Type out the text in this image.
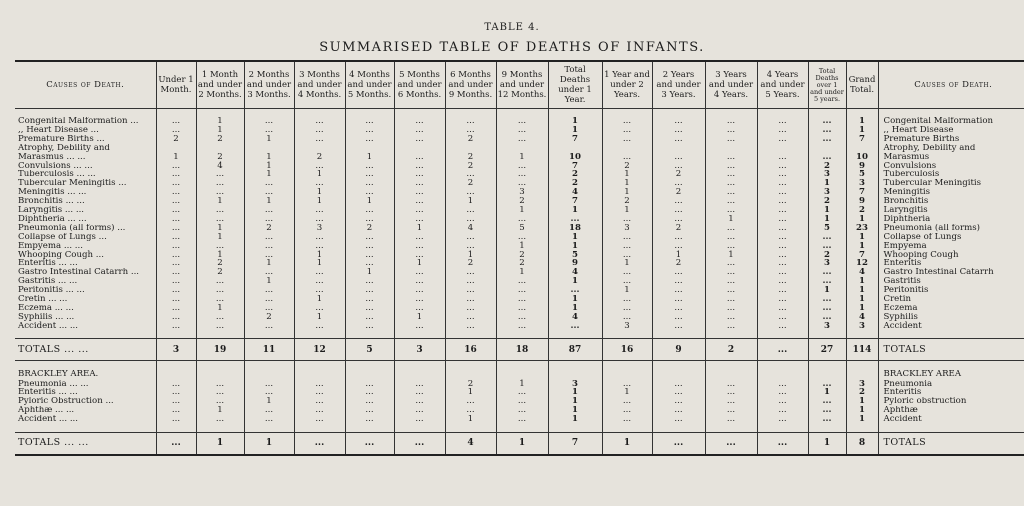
TABLE 4.
SUMMARISED TABLE OF DEATHS OF INFANTS.
Causes of Death.	Under 1 Month.	1 Month and under 2 Months.	2 Months and under 3 Months.	3 Months and under 4 Months.	4 Months and under 5 Months.	5 Months and under 6 Months.	6 Months and under 9 Months.	9 Months and under 12 Months.	Total Deaths under 1 Year.	1 Year and under 2 Years.	2 Years and under 3 Years.	3 Years and under 4 Years.	4 Years and under 5 Years.	Total Deaths over 1 and under 5 years.	Grand Total.	Causes of Death.

Congenital Malformation ...	...	1	...	...	...	...	...	...	1	...	...	...	...	...	1	Congenital Malformation
,, Heart Disease ...	...	1	...	...	...	...	...	...	1	...	...	...	...	...	1	,, Heart Disease
Premature Births ...	2	2	1	...	...	...	2	...	7	...	...	...	...	...	7	Premature Births
Atrophy, Debility and																Atrophy, Debility and
Marasmus ... ...	1	2	1	2	1	...	2	1	10	...	...	...	...	...	10	Marasmus
Convulsions ... ...	...	4	1	...	...	...	2	...	7	2	...	...	...	2	9	Convulsions
Tuberculosis ... ...	...	...	1	1	...	...	...	...	2	1	2	...	...	3	5	Tuberculosis
Tubercular Meningitis ...	...	...	...	...	...	...	2	...	2	1	...	...	...	1	3	Tubercular Meningitis
Meningitis ... ...	...	...	...	1	...	...	...	3	4	1	2	...	...	3	7	Meningitis
Bronchitis ... ...	...	1	1	1	1	...	1	2	7	2	...	...	...	2	9	Bronchitis
Laryngitis ... ...	...	...	...	...	...	...	...	1	1	1	...	...	...	1	2	Laryngitis
Diphtheria ... ...	...	...	...	...	...	...	...	...	...	...	...	1	...	1	1	Diphtheria
Pneumonia (all forms) ...	...	1	2	3	2	1	4	5	18	3	2	...	...	5	23	Pneumonia (all forms)
Collapse of Lungs ...	...	1	...	...	...	...	...	...	1	...	...	...	...	...	1	Collapse of Lungs
Empyema ... ...	...	...	...	...	...	...	...	1	1	...	...	...	...	...	1	Empyema
Whooping Cough ...	...	1	...	1	...	...	1	2	5	...	1	1	...	2	7	Whooping Cough
Enteritis ... ...	...	2	1	1	...	1	2	2	9	1	2	...	...	3	12	Enteritis
Gastro Intestinal Catarrh ...	...	2	...	...	1	...	...	1	4	...	...	...	...	...	4	Gastro Intestinal Catarrh
Gastritis ... ...	...	...	1	...	...	...	...	...	1	...	...	...	...	...	1	Gastritis
Peritonitis ... ...	...	...	...	...	...	...	...	...	...	1	...	...	...	1	1	Peritonitis
Cretin ... ...	...	...	...	1	...	...	...	...	1	...	...	...	...	...	1	Cretin
Eczema ... ...	...	1	...	...	...	...	...	...	1	...	...	...	...	...	1	Eczema
Syphilis ... ...	...	...	2	1	...	1	...	...	4	...	...	...	...	...	4	Syphilis
Accident ... ...	...	...	...	...	...	...	...	...	...	3	...	...	...	3	3	Accident

TOTALS ... ...	3	19	11	12	5	3	16	18	87	16	9	2	...	27	114	TOTALS

BRACKLEY AREA.																BRACKLEY AREA
Pneumonia ... ...	...	...	...	...	...	...	2	1	3	...	...	...	...	...	3	Pneumonia
Enteritis ... ...	...	...	...	...	...	...	1	...	1	1	...	...	...	1	2	Enteritis
Pyloric Obstruction ...	...	...	1	...	...	...	...	...	1	...	...	...	...	...	1	Pyloric obstruction
Aphthæ ... ...	...	1	...	...	...	...	...	...	1	...	...	...	...	...	1	Aphthæ
Accident ... ...	...	...	...	...	...	...	1	...	1	...	...	...	...	...	1	Accident

TOTALS ... ...	...	1	1	...	...	...	4	1	7	1	...	...	...	1	8	TOTALS
